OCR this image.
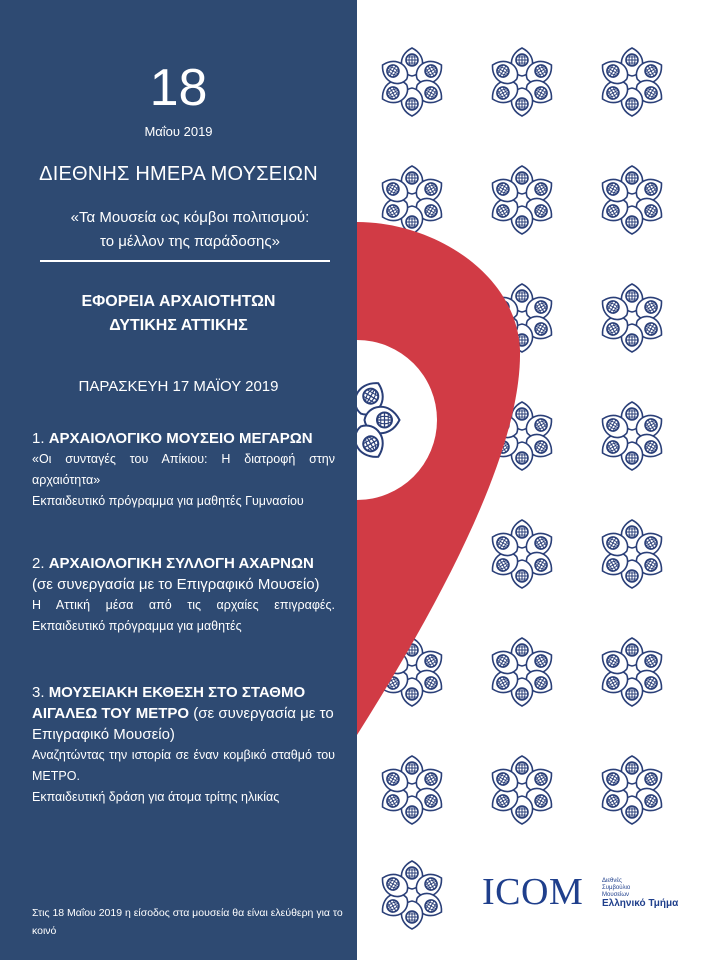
ICOM	Διεθνές
Συμβούλιο
Μουσείων
Ελληνικό Τμήμα
18
Μαΐου 2019
ΔΙΕΘΝΗΣ ΗΜΕΡΑ ΜΟΥΣΕΙΩΝ
«Τα Μουσεία ως κόμβοι πολιτισμού:
το μέλλον της παράδοσης»
ΕΦΟΡΕΙΑ ΑΡΧΑΙΟΤΗΤΩΝ
ΔΥΤΙΚΗΣ ΑΤΤΙΚΗΣ
ΠΑΡΑΣΚΕΥΗ 17 ΜΑΪΟΥ 2019
1. ΑΡΧΑΙΟΛΟΓΙΚΟ ΜΟΥΣΕΙΟ ΜΕΓΑΡΩΝ
«Οι συνταγές του Απίκιου: Η διατροφή στην αρχαιότητα»
Εκπαιδευτικό πρόγραμμα για μαθητές Γυμνασίου
2. ΑΡΧΑΙΟΛΟΓΙΚΗ ΣΥΛΛΟΓΗ ΑΧΑΡΝΩΝ
(σε συνεργασία με το Επιγραφικό Μουσείο)
Η Αττική μέσα από τις αρχαίες επιγραφές. Εκπαιδευτικό πρόγραμμα για μαθητές
3. ΜΟΥΣΕΙΑΚΗ ΕΚΘΕΣΗ ΣΤΟ ΣΤΑΘΜΟ ΑΙΓΑΛΕΩ ΤΟΥ ΜΕΤΡΟ (σε συνεργασία με το Επιγραφικό Μουσείο)
Αναζητώντας την ιστορία σε έναν κομβικό σταθμό του ΜΕΤΡΟ.
Εκπαιδευτική δράση για άτομα τρίτης ηλικίας
Στις 18 Μαΐου 2019 η είσοδος στα μουσεία θα είναι ελεύθερη για το κοινό
